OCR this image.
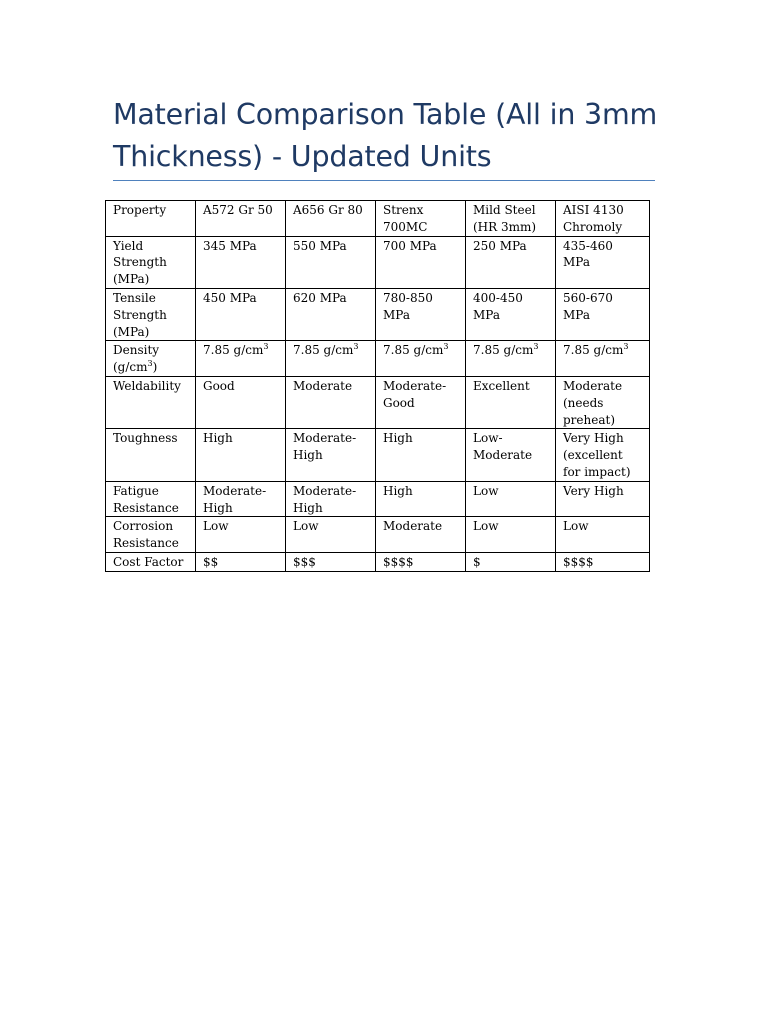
Material Comparison Table (All in 3mm Thickness) - Updated Units
Property	A572 Gr 50	A656 Gr 80	Strenx 700MC	Mild Steel (HR 3mm)	AISI 4130 Chromoly
Yield Strength (MPa)	345 MPa	550 MPa	700 MPa	250 MPa	435-460 MPa
Tensile Strength (MPa)	450 MPa	620 MPa	780-850 MPa	400-450 MPa	560-670 MPa
Density $(g/cm^3)$	7.85 $g/cm^3$	7.85 $g/cm^3$	7.85 $g/cm^3$	7.85 $g/cm^3$	7.85 $g/cm^3$
Weldability	Good	Moderate	Moderate-Good	Excellent	Moderate (needs preheat)
Toughness	High	Moderate-High	High	Low-Moderate	Very High (excellent for impact)
Fatigue Resistance	Moderate-High	Moderate-High	High	Low	Very High
Corrosion Resistance	Low	Low	Moderate	Low	Low
Cost Factor	$$	$$$	$$$$	$	$$$$
